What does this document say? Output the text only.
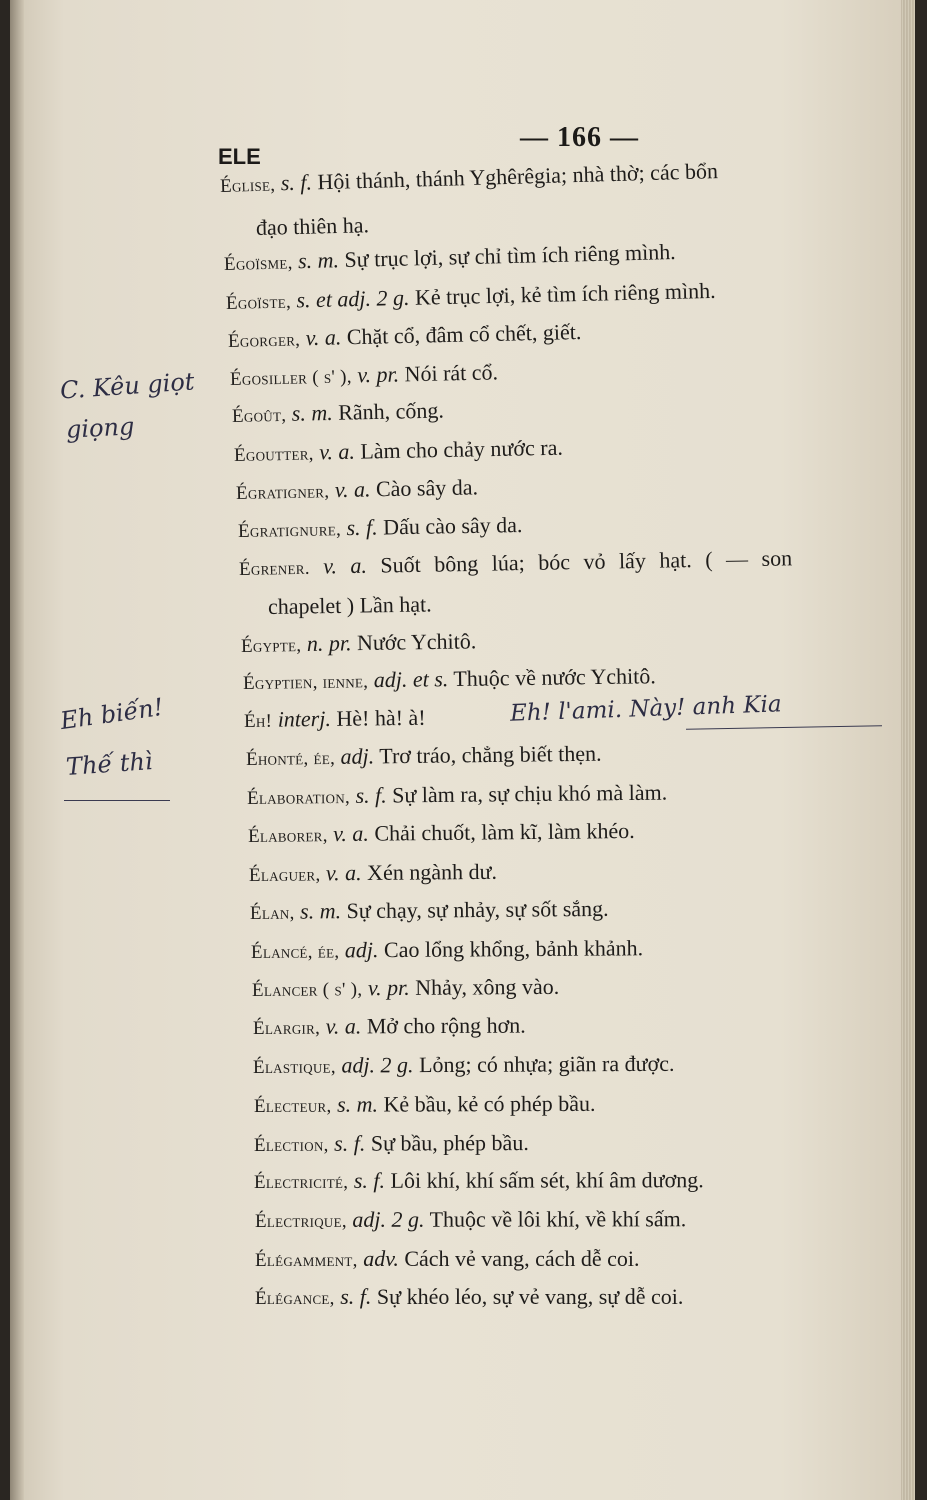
ELE
— 166 —
Église, s. f. Hội thánh, thánh Yghêrêgia; nhà thờ; các bổn
đạo thiên hạ.
Égoïsme, s. m. Sự trục lợi, sự chỉ tìm ích riêng mình.
Égoïste, s. et adj. 2 g. Kẻ trục lợi, kẻ tìm ích riêng mình.
Égorger, v. a. Chặt cổ, đâm cổ chết, giết.
Égosiller ( s' ), v. pr. Nói rát cổ.
Égoût, s. m. Rãnh, cống.
Égoutter, v. a. Làm cho chảy nước ra.
Égratigner, v. a. Cào sây da.
Égratignure, s. f. Dấu cào sây da.
Égrener. v. a. Suốt bông lúa; bóc vỏ lấy hạt. ( — son
chapelet ) Lần hạt.
Égypte, n. pr. Nước Ychitô.
Égyptien, ienne, adj. et s. Thuộc về nước Ychitô.
Éh! interj. Hè! hà! à!
Éhonté, ée, adj. Trơ tráo, chẳng biết thẹn.
Élaboration, s. f. Sự làm ra, sự chịu khó mà làm.
Élaborer, v. a. Chải chuốt, làm kĩ, làm khéo.
Élaguer, v. a. Xén ngành dư.
Élan, s. m. Sự chạy, sự nhảy, sự sốt sắng.
Élancé, ée, adj. Cao lổng khổng, bảnh khảnh.
Élancer ( s' ), v. pr. Nhảy, xông vào.
Élargir, v. a. Mở cho rộng hơn.
Élastique, adj. 2 g. Lỏng; có nhựa; giãn ra được.
Électeur, s. m. Kẻ bầu, kẻ có phép bầu.
Élection, s. f. Sự bầu, phép bầu.
Électricité, s. f. Lôi khí, khí sấm sét, khí âm dương.
Électrique, adj. 2 g. Thuộc về lôi khí, về khí sấm.
Élégamment, adv. Cách vẻ vang, cách dễ coi.
Élégance, s. f. Sự khéo léo, sự vẻ vang, sự dễ coi.
C. Kêu giọt
giọng
Eh biến!
Thế thì
Eh! l'ami. Này! anh Kia
